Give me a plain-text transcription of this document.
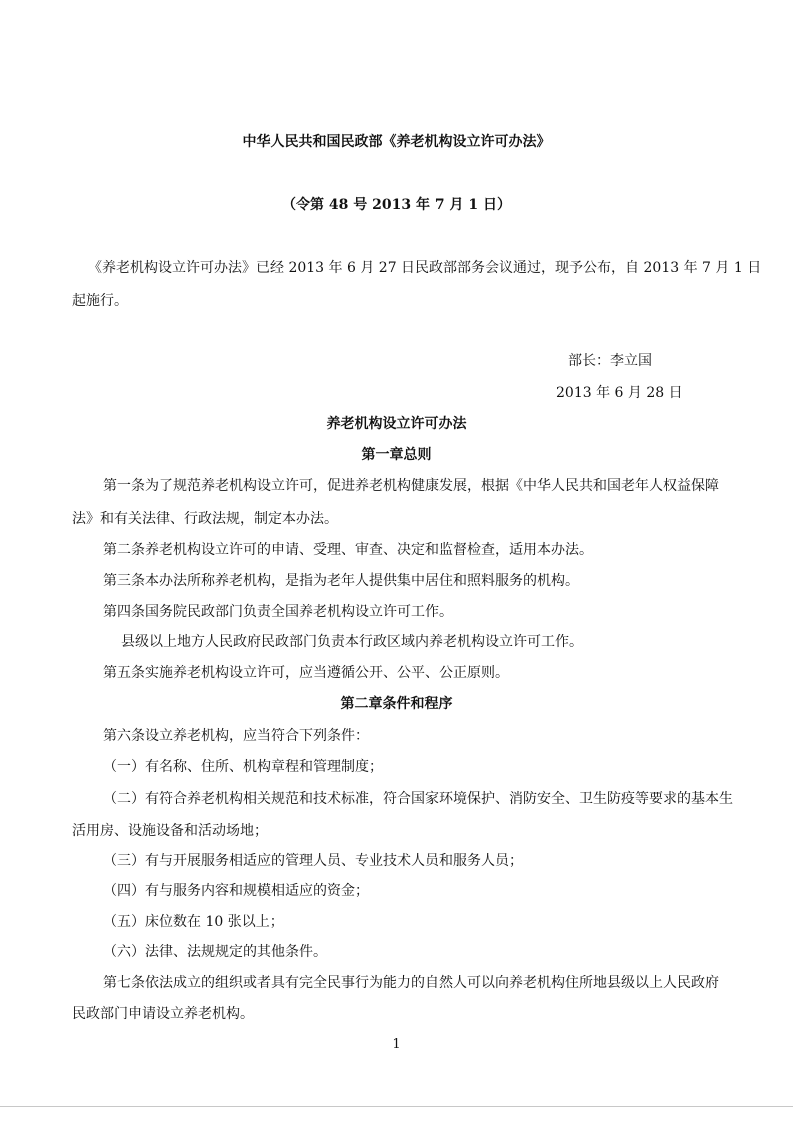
中华人民共和国民政部《养老机构设立许可办法》
（令第 48 号 2013 年 7 月 1 日）
《养老机构设立许可办法》已经 2013 年 6 月 27 日民政部部务会议通过，现予公布，自 2013 年 7 月 1 日
起施行。
部长：李立国
2013 年 6 月 28 日
养老机构设立许可办法
第一章总则
第一条为了规范养老机构设立许可，促进养老机构健康发展，根据《中华人民共和国老年人权益保障
法》和有关法律、行政法规，制定本办法。
第二条养老机构设立许可的申请、受理、审查、决定和监督检查，适用本办法。
第三条本办法所称养老机构，是指为老年人提供集中居住和照料服务的机构。
第四条国务院民政部门负责全国养老机构设立许可工作。
县级以上地方人民政府民政部门负责本行政区域内养老机构设立许可工作。
第五条实施养老机构设立许可，应当遵循公开、公平、公正原则。
第二章条件和程序
第六条设立养老机构，应当符合下列条件：
（一）有名称、住所、机构章程和管理制度；
（二）有符合养老机构相关规范和技术标准，符合国家环境保护、消防安全、卫生防疫等要求的基本生
活用房、设施设备和活动场地；
（三）有与开展服务相适应的管理人员、专业技术人员和服务人员；
（四）有与服务内容和规模相适应的资金；
（五）床位数在 10 张以上；
（六）法律、法规规定的其他条件。
第七条依法成立的组织或者具有完全民事行为能力的自然人可以向养老机构住所地县级以上人民政府
民政部门申请设立养老机构。
1
